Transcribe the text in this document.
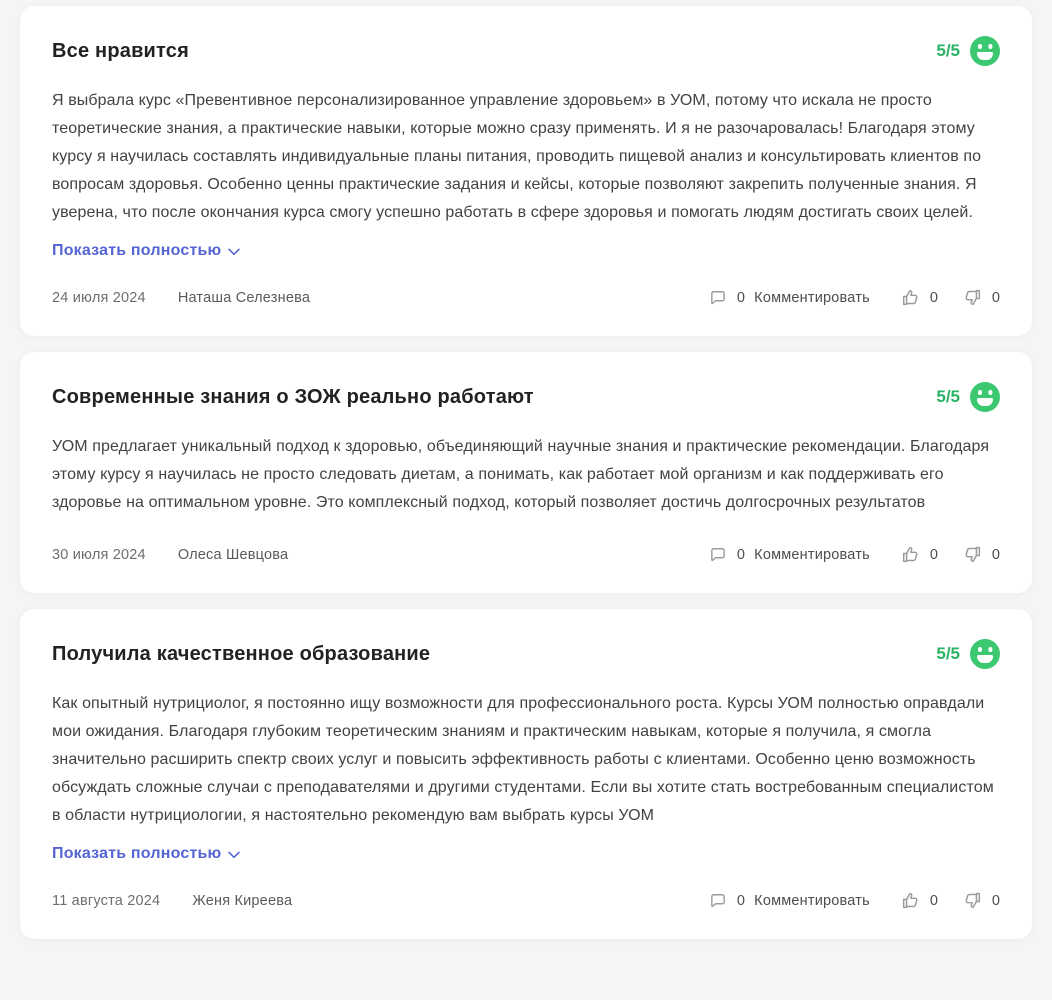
Все нравится	5/5
Я выбрала курс «Превентивное персонализированное управление здоровьем» в УОМ, потому что искала не просто теоретические знания, а практические навыки, которые можно сразу применять. И я не разочаровалась! Благодаря этому курсу я научилась составлять индивидуальные планы питания, проводить пищевой анализ и консультировать клиентов по вопросам здоровья. Особенно ценны практические задания и кейсы, которые позволяют закрепить полученные знания. Я уверена, что после окончания курса смогу успешно работать в сфере здоровья и помогать людям достигать своих целей.
Показать полностью
24 июля 2024 Наташа Селезнева	0 Комментировать	0	0
Современные знания о ЗОЖ реально работают	5/5
УОМ предлагает уникальный подход к здоровью, объединяющий научные знания и практические рекомендации. Благодаря этому курсу я научилась не просто следовать диетам, а понимать, как работает мой организм и как поддерживать его здоровье на оптимальном уровне. Это комплексный подход, который позволяет достичь долгосрочных результатов
30 июля 2024 Олеса Шевцова	0 Комментировать	0	0
Получила качественное образование	5/5
Как опытный нутрициолог, я постоянно ищу возможности для профессионального роста. Курсы УОМ полностью оправдали мои ожидания. Благодаря глубоким теоретическим знаниям и практическим навыкам, которые я получила, я смогла значительно расширить спектр своих услуг и повысить эффективность работы с клиентами. Особенно ценю возможность обсуждать сложные случаи с преподавателями и другими студентами. Если вы хотите стать востребованным специалистом в области нутрициологии, я настоятельно рекомендую вам выбрать курсы УОМ
Показать полностью
11 августа 2024 Женя Киреева	0 Комментировать	0	0
